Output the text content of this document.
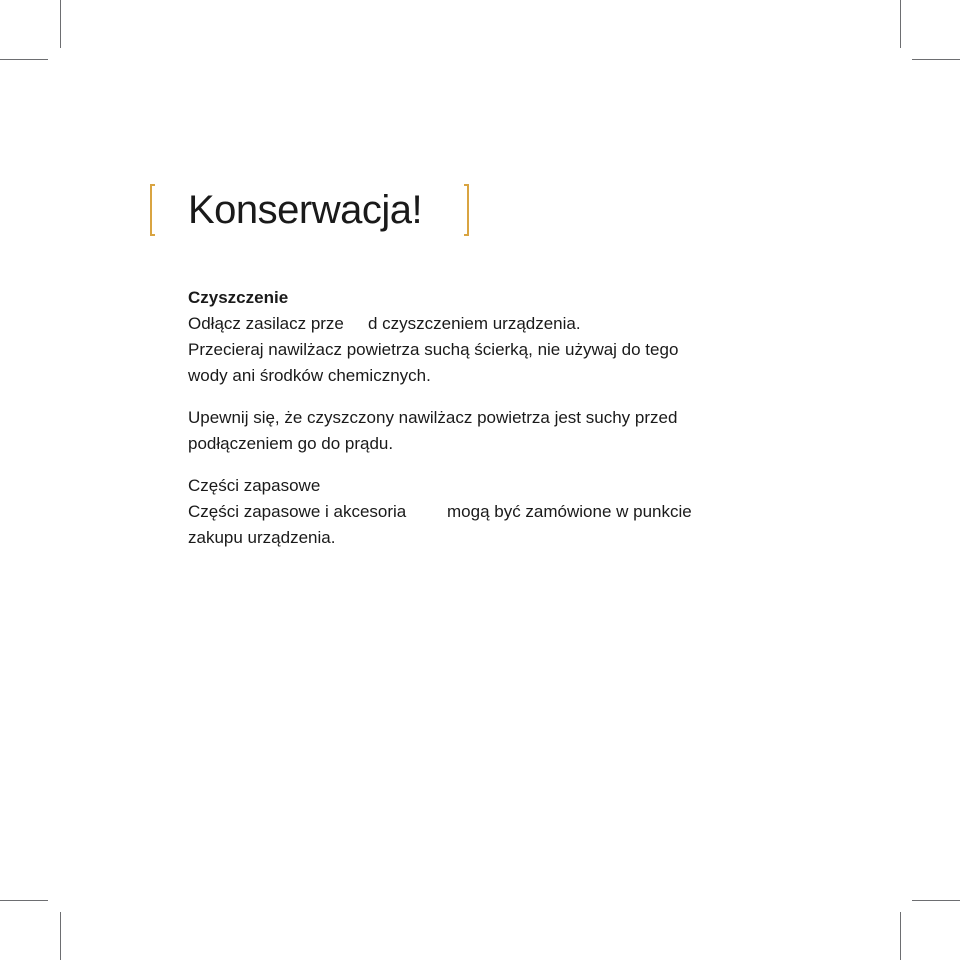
Konserwacja!

Czyszczenie

Odłącz zasilacz prze d czyszczeniem urządzenia.

Przecieraj nawilżacz powietrza suchą ścierką, nie używaj do tego

wody ani środków chemicznych.

Upewnij się, że czyszczony nawilżacz powietrza jest suchy przed

podłączeniem go do prądu.

Części zapasowe

Części zapasowe i akcesoria mogą być zamówione w punkcie

zakupu urządzenia.
